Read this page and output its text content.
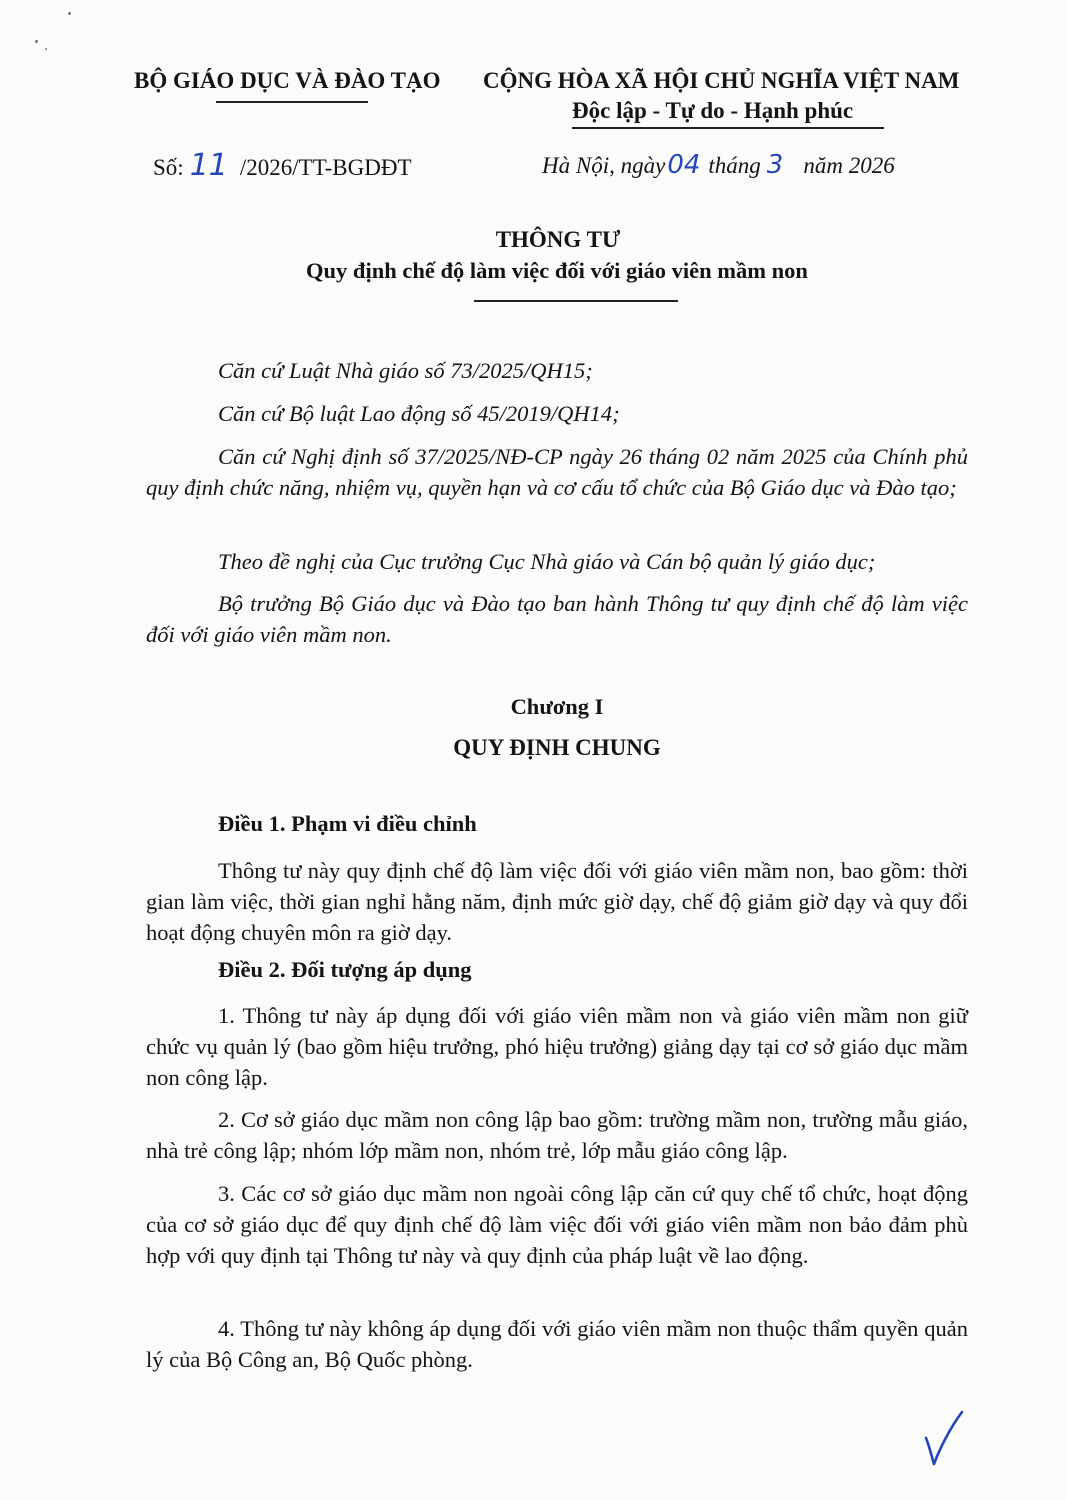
BỘ GIÁO DỤC VÀ ĐÀO TẠO CỘNG HÒA XÃ HỘI CHỦ NGHĨA VIỆT NAM
Độc lập - Tự do - Hạnh phúc
Số: 11 /2026/TT-BGDĐT	Hà Nội, ngày04 tháng 3 năm 2026
THÔNG TƯ
Quy định chế độ làm việc đối với giáo viên mầm non

Căn cứ Luật Nhà giáo số 73/2025/QH15;

Căn cứ Bộ luật Lao động số 45/2019/QH14;

Căn cứ Nghị định số 37/2025/NĐ-CP ngày 26 tháng 02 năm 2025 của Chính phủ quy định chức năng, nhiệm vụ, quyền hạn và cơ cấu tổ chức của Bộ Giáo dục và Đào tạo;

Theo đề nghị của Cục trưởng Cục Nhà giáo và Cán bộ quản lý giáo dục;

Bộ trưởng Bộ Giáo dục và Đào tạo ban hành Thông tư quy định chế độ làm việc đối với giáo viên mầm non.

Chương I
QUY ĐỊNH CHUNG
Điều 1. Phạm vi điều chỉnh

Thông tư này quy định chế độ làm việc đối với giáo viên mầm non, bao gồm: thời gian làm việc, thời gian nghỉ hằng năm, định mức giờ dạy, chế độ giảm giờ dạy và quy đổi hoạt động chuyên môn ra giờ dạy.

Điều 2. Đối tượng áp dụng

1. Thông tư này áp dụng đối với giáo viên mầm non và giáo viên mầm non giữ chức vụ quản lý (bao gồm hiệu trưởng, phó hiệu trưởng) giảng dạy tại cơ sở giáo dục mầm non công lập.

2. Cơ sở giáo dục mầm non công lập bao gồm: trường mầm non, trường mẫu giáo, nhà trẻ công lập; nhóm lớp mầm non, nhóm trẻ, lớp mẫu giáo công lập.

3. Các cơ sở giáo dục mầm non ngoài công lập căn cứ quy chế tổ chức, hoạt động của cơ sở giáo dục để quy định chế độ làm việc đối với giáo viên mầm non bảo đảm phù hợp với quy định tại Thông tư này và quy định của pháp luật về lao động.

4. Thông tư này không áp dụng đối với giáo viên mầm non thuộc thẩm quyền quản lý của Bộ Công an, Bộ Quốc phòng.
